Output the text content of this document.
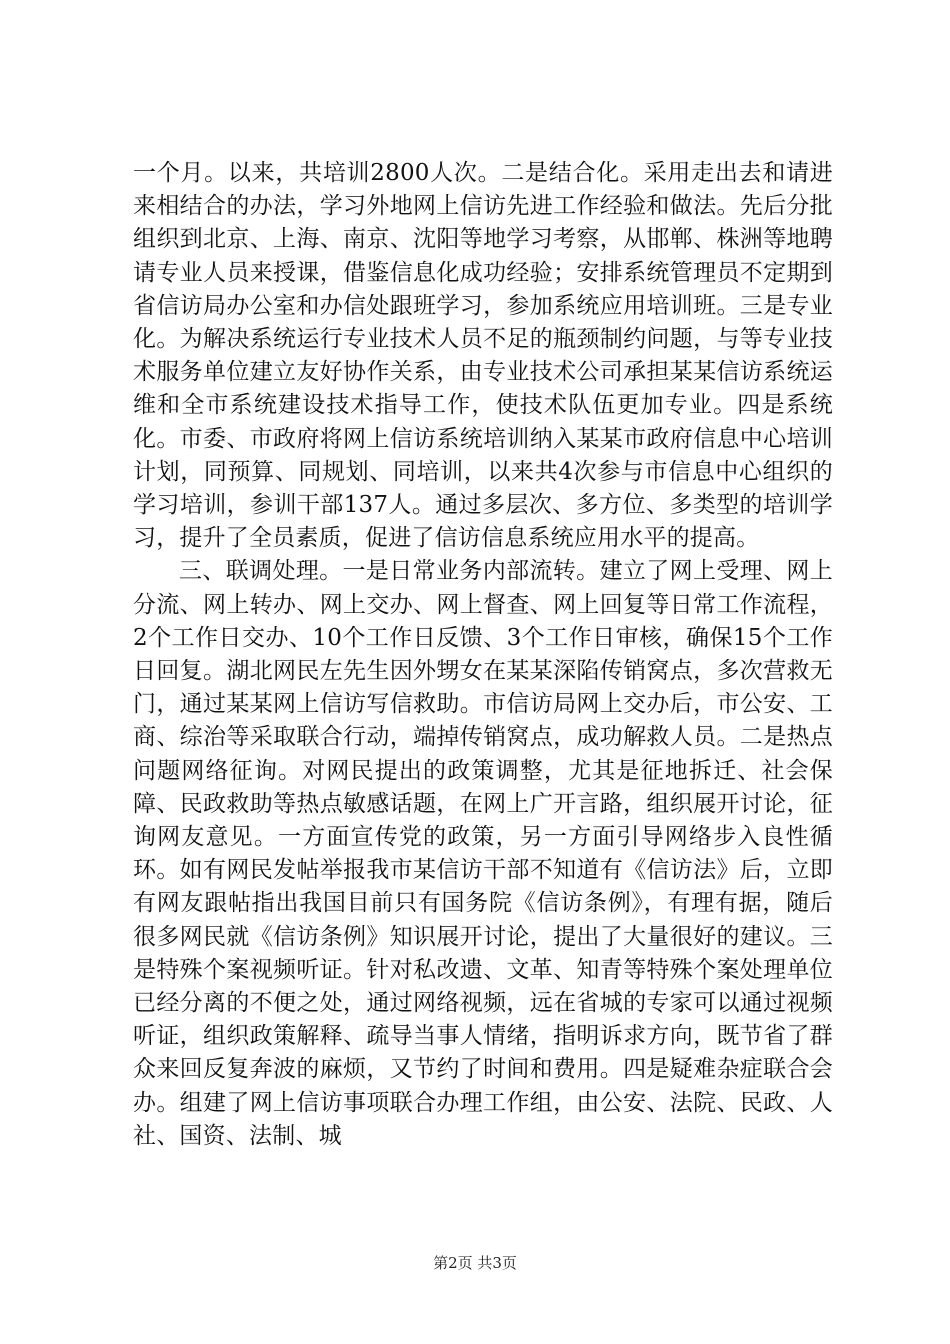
一个月。以来，共培训2800人次。二是结合化。采用走出去和请进来相结合的办法，学习外地网上信访先进工作经验和做法。先后分批组织到北京、上海、南京、沈阳等地学习考察，从邯郸、株洲等地聘请专业人员来授课，借鉴信息化成功经验；安排系统管理员不定期到省信访局办公室和办信处跟班学习，参加系统应用培训班。三是专业化。为解决系统运行专业技术人员不足的瓶颈制约问题，与等专业技术服务单位建立友好协作关系，由专业技术公司承担某某信访系统运维和全市系统建设技术指导工作，使技术队伍更加专业。四是系统化。市委、市政府将网上信访系统培训纳入某某市政府信息中心培训计划，同预算、同规划、同培训，以来共4次参与市信息中心组织的学习培训，参训干部137人。通过多层次、多方位、多类型的培训学习，提升了全员素质，促进了信访信息系统应用水平的提高。

三、联调处理。一是日常业务内部流转。建立了网上受理、网上分流、网上转办、网上交办、网上督查、网上回复等日常工作流程，2个工作日交办、10个工作日反馈、3个工作日审核，确保15个工作日回复。湖北网民左先生因外甥女在某某深陷传销窝点，多次营救无门，通过某某网上信访写信救助。市信访局网上交办后，市公安、工商、综治等采取联合行动，端掉传销窝点，成功解救人员。二是热点问题网络征询。对网民提出的政策调整，尤其是征地拆迁、社会保障、民政救助等热点敏感话题，在网上广开言路，组织展开讨论，征询网友意见。一方面宣传党的政策，另一方面引导网络步入良性循环。如有网民发帖举报我市某信访干部不知道有《信访法》后，立即有网友跟帖指出我国目前只有国务院《信访条例》，有理有据，随后很多网民就《信访条例》知识展开讨论，提出了大量很好的建议。三是特殊个案视频听证。针对私改遗、文革、知青等特殊个案处理单位已经分离的不便之处，通过网络视频，远在省城的专家可以通过视频听证，组织政策解释、疏导当事人情绪，指明诉求方向，既节省了群众来回反复奔波的麻烦，又节约了时间和费用。四是疑难杂症联合会办。组建了网上信访事项联合办理工作组，由公安、法院、民政、人社、国资、法制、城

第2页 共3页
